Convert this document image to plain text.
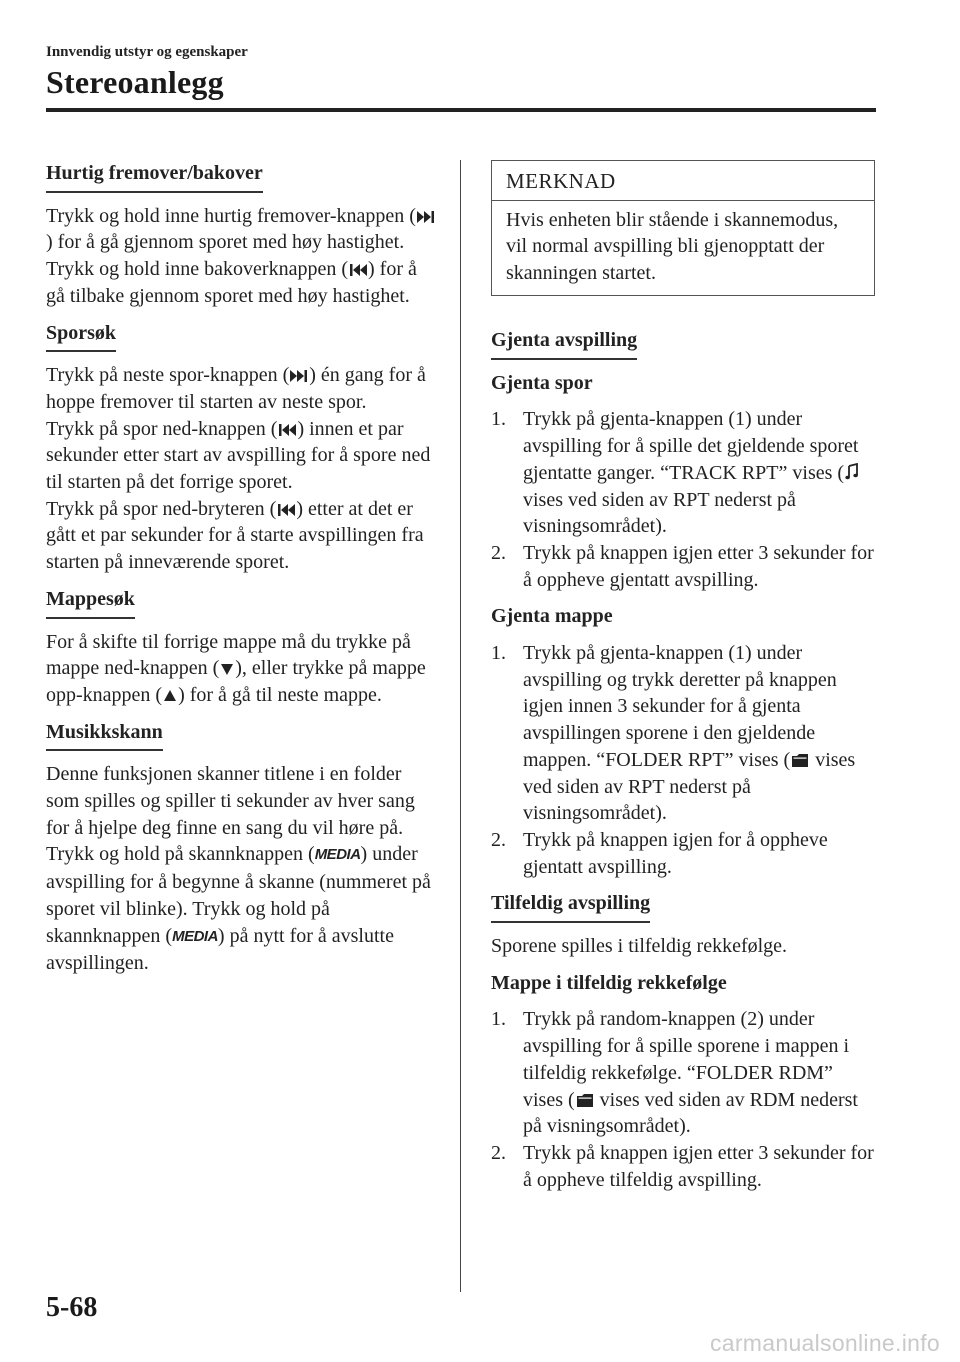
Innvendig utstyr og egenskaper
Stereoanlegg
Hurtig fremover/bakover

Trykk og hold inne hurtig fremover-knappen () for å gå gjennom sporet med høy hastighet.
Trykk og hold inne bakoverknappen ( ) for å gå tilbake gjennom sporet med høy hastighet.

Sporsøk

Trykk på neste spor-knappen ( ) én gang for å hoppe fremover til starten av neste spor.
Trykk på spor ned-knappen ( ) innen et par sekunder etter start av avspilling for å spore ned til starten på det forrige sporet.
Trykk på spor ned-bryteren ( ) etter at det er gått et par sekunder for å starte avspillingen fra starten på inneværende sporet.

Mappesøk

For å skifte til forrige mappe må du trykke på mappe ned-knappen ( ), eller trykke på mappe opp-knappen ( ) for å gå til neste mappe.

Musikkskann

Denne funksjonen skanner titlene i en folder som spilles og spiller ti sekunder av hver sang for å hjelpe deg finne en sang du vil høre på.
Trykk og hold på skannknappen (MEDIA) under avspilling for å begynne å skanne (nummeret på sporet vil blinke). Trykk og hold på skannknappen (MEDIA) på nytt for å avslutte avspillingen.

MERKNAD
Hvis enheten blir stående i skannemodus, vil normal avspilling bli gjenopptatt der skanningen startet.
Gjenta avspilling
Gjenta spor
1. Trykk på gjenta-knappen (1) under avspilling for å spille det gjeldende sporet gjentatte ganger. “TRACK RPT” vises ( vises ved siden av RPT nederst på visningsområdet).
2. Trykk på knappen igjen etter 3 sekunder for å oppheve gjentatt avspilling.
Gjenta mappe
1. Trykk på gjenta-knappen (1) under avspilling og trykk deretter på knappen igjen innen 3 sekunder for å gjenta avspillingen sporene i den gjeldende mappen. “FOLDER RPT” vises ( vises ved siden av RPT nederst på visningsområdet).
2. Trykk på knappen igjen for å oppheve gjentatt avspilling.
Tilfeldig avspilling

Sporene spilles i tilfeldig rekkefølge.

Mappe i tilfeldig rekkefølge
1. Trykk på random-knappen (2) under avspilling for å spille sporene i mappen i tilfeldig rekkefølge. “FOLDER RDM” vises ( vises ved siden av RDM nederst på visningsområdet).
2. Trykk på knappen igjen etter 3 sekunder for å oppheve tilfeldig avspilling.
5-68
carmanualsonline.info
